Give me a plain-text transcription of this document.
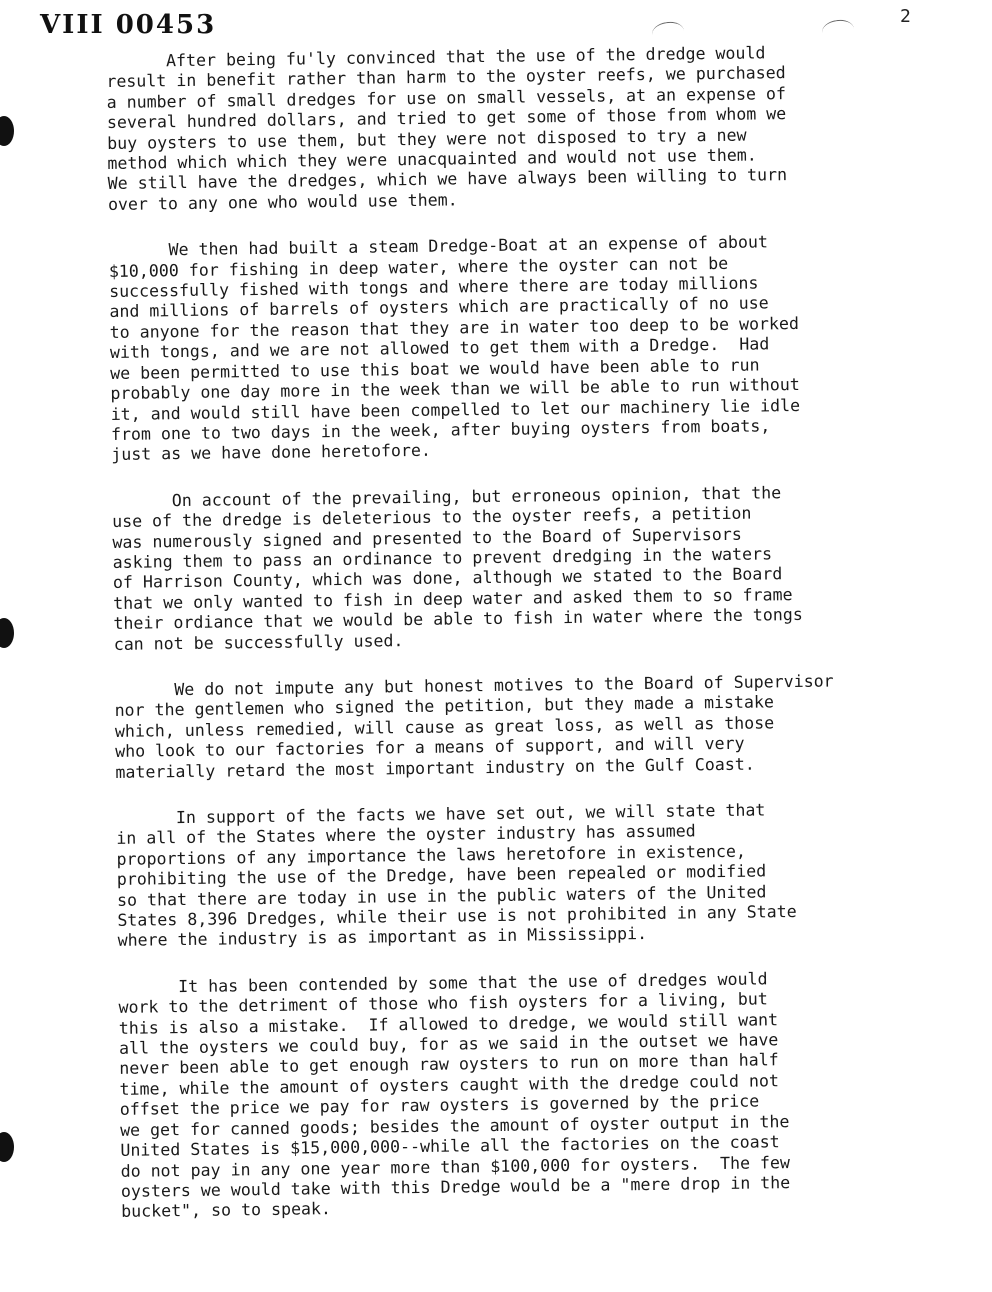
VIII 00453	2
After being fu'ly convinced that the use of the dredge would
result in benefit rather than harm to the oyster reefs, we purchased
a number of small dredges for use on small vessels, at an expense of
several hundred dollars, and tried to get some of those from whom we
buy oysters to use them, but they were not disposed to try a new
method which which they were unacquainted and would not use them.
We still have the dredges, which we have always been willing to turn
over to any one who would use them.
We then had built a steam Dredge-Boat at an expense of about
$10,000 for fishing in deep water, where the oyster can not be
successfully fished with tongs and where there are today millions
and millions of barrels of oysters which are practically of no use
to anyone for the reason that they are in water too deep to be worked
with tongs, and we are not allowed to get them with a Dredge.  Had
we been permitted to use this boat we would have been able to run
probably one day more in the week than we will be able to run without
it, and would still have been compelled to let our machinery lie idle
from one to two days in the week, after buying oysters from boats,
just as we have done heretofore.
On account of the prevailing, but erroneous opinion, that the
use of the dredge is deleterious to the oyster reefs, a petition
was numerously signed and presented to the Board of Supervisors
asking them to pass an ordinance to prevent dredging in the waters
of Harrison County, which was done, although we stated to the Board
that we only wanted to fish in deep water and asked them to so frame
their ordiance that we would be able to fish in water where the tongs
can not be successfully used.
We do not impute any but honest motives to the Board of Supervisor
nor the gentlemen who signed the petition, but they made a mistake
which, unless remedied, will cause as great loss, as well as those
who look to our factories for a means of support, and will very
materially retard the most important industry on the Gulf Coast.
In support of the facts we have set out, we will state that
in all of the States where the oyster industry has assumed
proportions of any importance the laws heretofore in existence,
prohibiting the use of the Dredge, have been repealed or modified
so that there are today in use in the public waters of the United
States 8,396 Dredges, while their use is not prohibited in any State
where the industry is as important as in Mississippi.
It has been contended by some that the use of dredges would
work to the detriment of those who fish oysters for a living, but
this is also a mistake.  If allowed to dredge, we would still want
all the oysters we could buy, for as we said in the outset we have
never been able to get enough raw oysters to run on more than half
time, while the amount of oysters caught with the dredge could not
offset the price we pay for raw oysters is governed by the price
we get for canned goods; besides the amount of oyster output in the
United States is $15,000,000--while all the factories on the coast
do not pay in any one year more than $100,000 for oysters.  The few
oysters we would take with this Dredge would be a "mere drop in the
bucket", so to speak.
